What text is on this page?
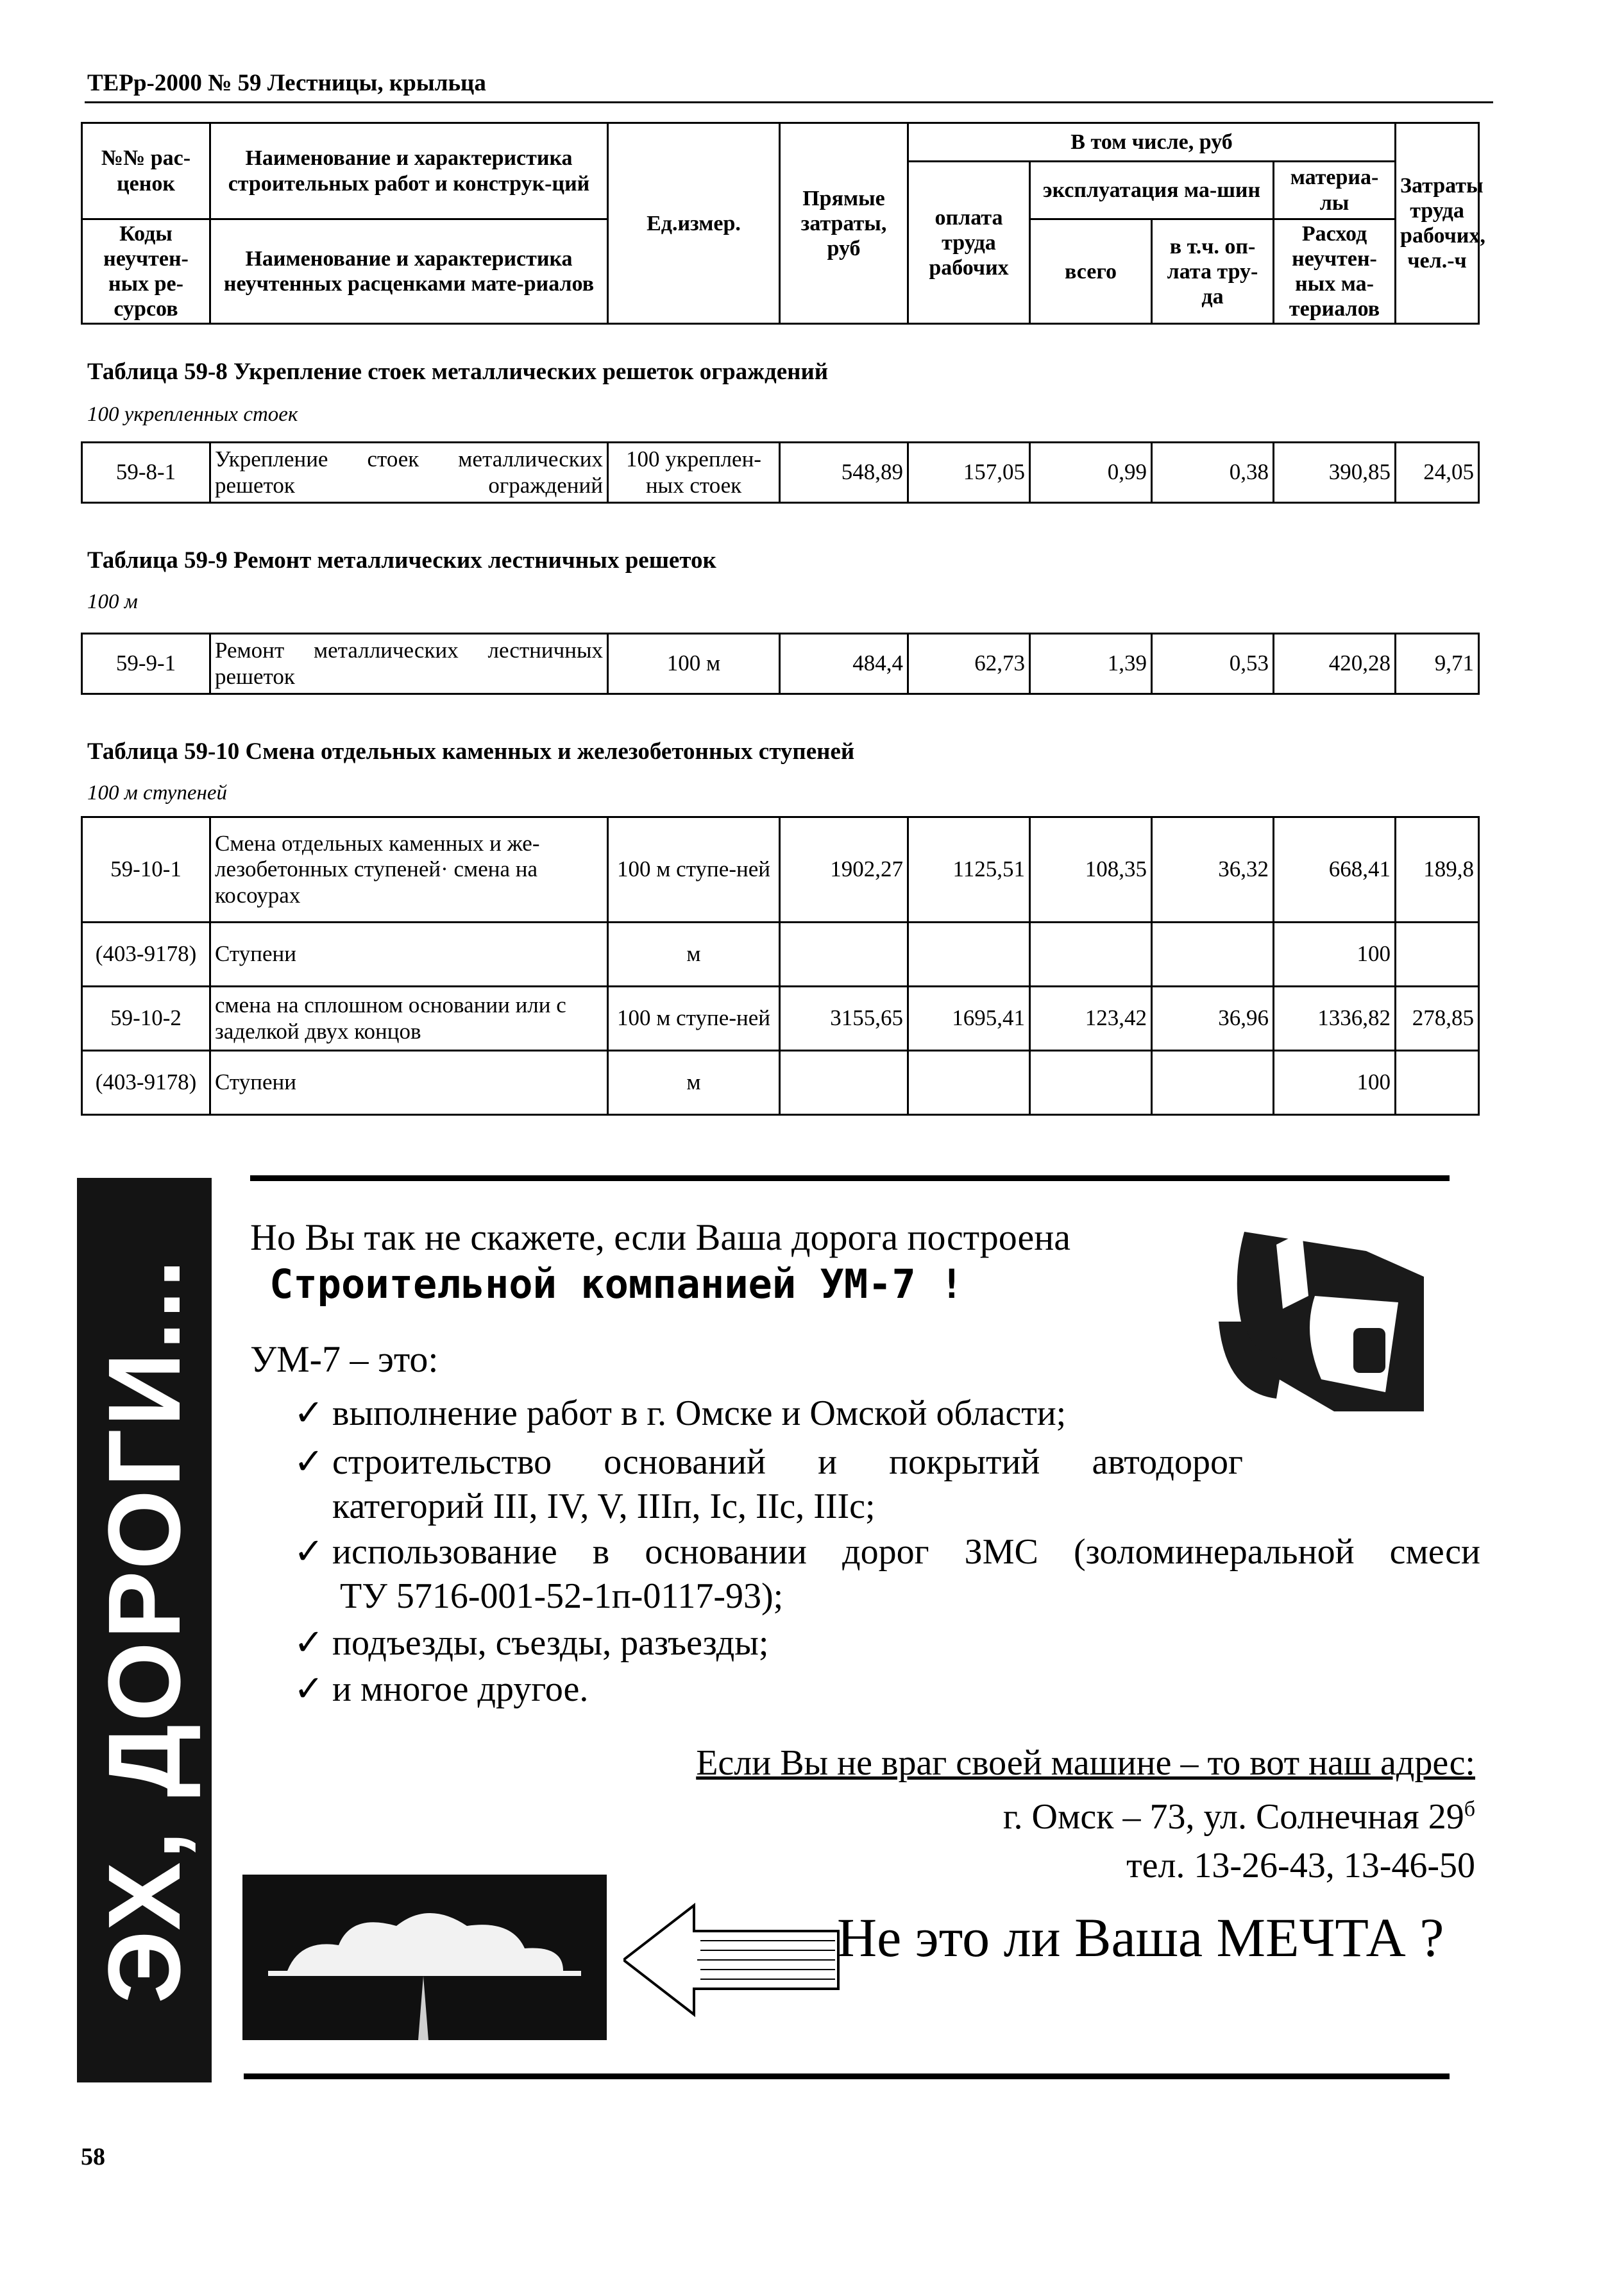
ТЕРр-2000 № 59 Лестницы, крыльца
№№ рас-ценок	Наименование и характеристика строительных работ и конструк-ций	Ед.измер.	Прямые затраты, руб	В том числе, руб				Затраты труда рабочих, чел.-ч
				оплата труда рабочих	эксплуатация ма-шин		материа-лы	
Коды неучтен-ных ре-сурсов	Наименование и характеристика неучтенных расценками мате-риалов				всего	в т.ч. оп-лата тру-да	Расход неучтен-ных ма-териалов	

Таблица 59-8 Укрепление стоек металлических решеток ограждений
100 укрепленных стоек
59-8-1	Укрепление стоек металлических решеток ограждений	100 укреплен-ных стоек	548,89	157,05	0,99	0,38	390,85	24,05
Таблица 59-9 Ремонт металлических лестничных решеток
100 м
59-9-1	Ремонт металлических лестничных решеток	100 м	484,4	62,73	1,39	0,53	420,28	9,71
Таблица 59-10 Смена отдельных каменных и железобетонных ступеней
100 м ступеней
59-10-1	Смена отдельных каменных и же-лезобетонных ступеней· смена на косоурах	100 м ступе-ней	1902,27	1125,51	108,35	36,32	668,41	189,8
(403-9178)	Ступени	м					100	
59-10-2	смена на сплошном основании или с заделкой двух концов	100 м ступе-ней	3155,65	1695,41	123,42	36,96	1336,82	278,85
(403-9178)	Ступени	м					100	
ЭХ, ДОРОГИ...
Но Вы так не скажете, если Ваша дорога построена
Строительной компанией УМ-7 !
УМ-7 – это:
✓ выполнение работ в г. Омске и Омской области;
✓ строительство оснований и покрытий автодорог
категорий III, IV, V, IIIп, Iс, IIс, IIIс;
✓ использование в основании дорог ЗМС (золоминеральной смеси
ТУ 5716-001-52-1п-0117-93);
✓ подъезды, съезды, разъезды;
✓ и многое другое.
Если Вы не враг своей машине – то вот наш адрес:
г. Омск – 73, ул. Солнечная $29^б$
тел. 13-26-43, 13-46-50
Не это ли Ваша МЕЧТА ?
58
